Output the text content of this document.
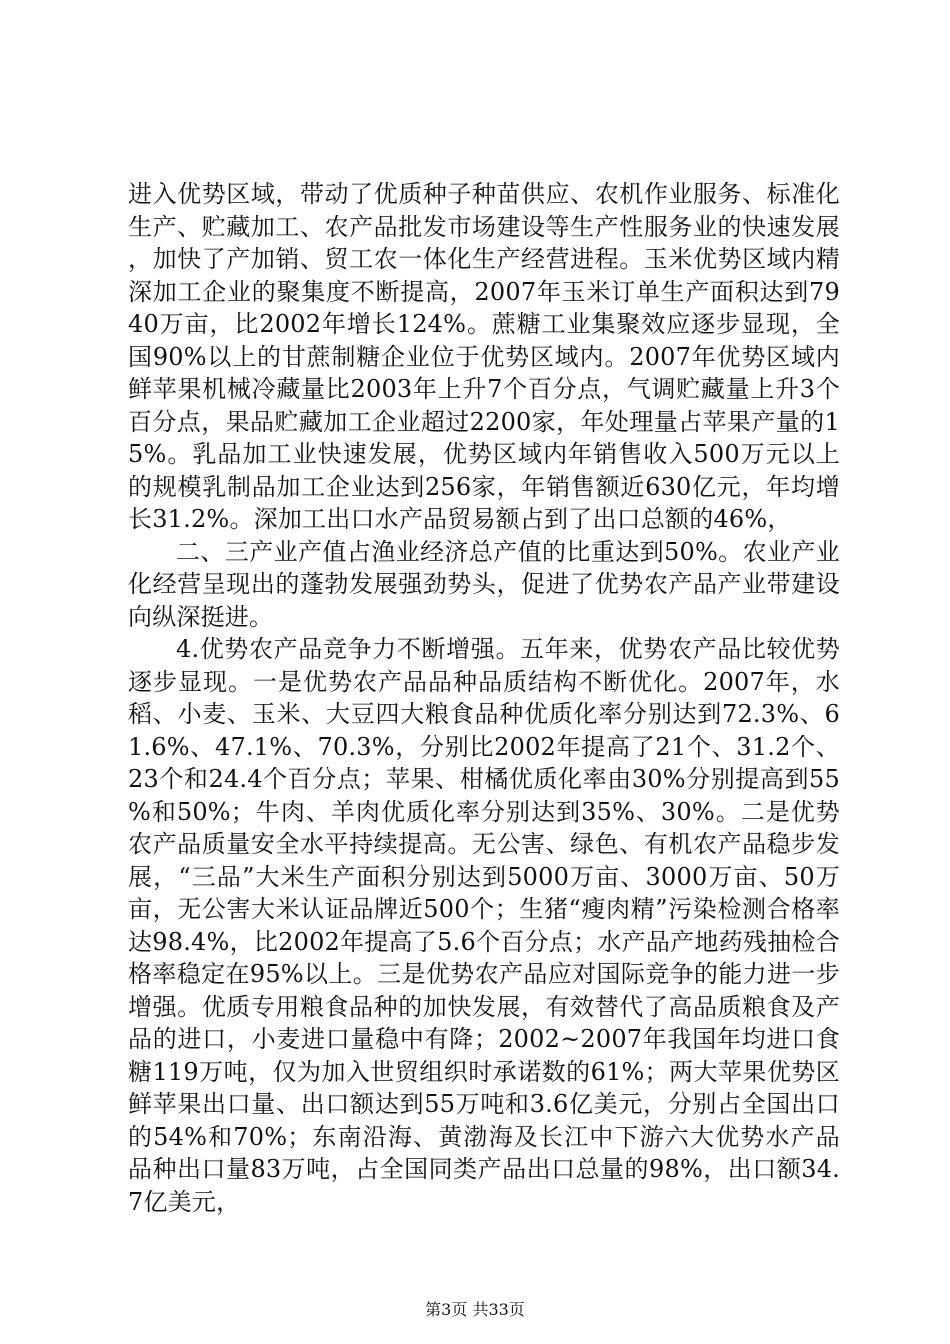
进入优势区域，带动了优质种子种苗供应、农机作业服务、标准化生产、贮藏加工、农产品批发市场建设等生产性服务业的快速发展，加快了产加销、贸工农一体化生产经营进程。玉米优势区域内精深加工企业的聚集度不断提高，2007年玉米订单生产面积达到7940万亩，比2002年增长124%。蔗糖工业集聚效应逐步显现，全国90%以上的甘蔗制糖企业位于优势区域内。2007年优势区域内鲜苹果机械冷藏量比2003年上升7个百分点，气调贮藏量上升3个百分点，果品贮藏加工企业超过2200家，年处理量占苹果产量的15%。乳品加工业快速发展，优势区域内年销售收入500万元以上的规模乳制品加工企业达到256家，年销售额近630亿元，年均增长31.2%。深加工出口水产品贸易额占到了出口总额的46%，

二、三产业产值占渔业经济总产值的比重达到50%。农业产业化经营呈现出的蓬勃发展强劲势头，促进了优势农产品产业带建设向纵深挺进。

4.优势农产品竞争力不断增强。五年来，优势农产品比较优势逐步显现。一是优势农产品品种品质结构不断优化。2007年，水稻、小麦、玉米、大豆四大粮食品种优质化率分别达到72.3%、61.6%、47.1%、70.3%，分别比2002年提高了21个、31.2个、23个和24.4个百分点；苹果、柑橘优质化率由30%分别提高到55%和50%；牛肉、羊肉优质化率分别达到35%、30%。二是优势农产品质量安全水平持续提高。无公害、绿色、有机农产品稳步发展，“三品”大米生产面积分别达到5000万亩、3000万亩、50万亩，无公害大米认证品牌近500个；生猪“瘦肉精”污染检测合格率达98.4%，比2002年提高了5.6个百分点；水产品产地药残抽检合格率稳定在95%以上。三是优势农产品应对国际竞争的能力进一步增强。优质专用粮食品种的加快发展，有效替代了高品质粮食及产品的进口，小麦进口量稳中有降；2002~2007年我国年均进口食糖119万吨，仅为加入世贸组织时承诺数的61%；两大苹果优势区鲜苹果出口量、出口额达到55万吨和3.6亿美元，分别占全国出口的54%和70%；东南沿海、黄渤海及长江中下游六大优势水产品品种出口量83万吨，占全国同类产品出口总量的98%，出口额34.7亿美元，

第3页 共33页
